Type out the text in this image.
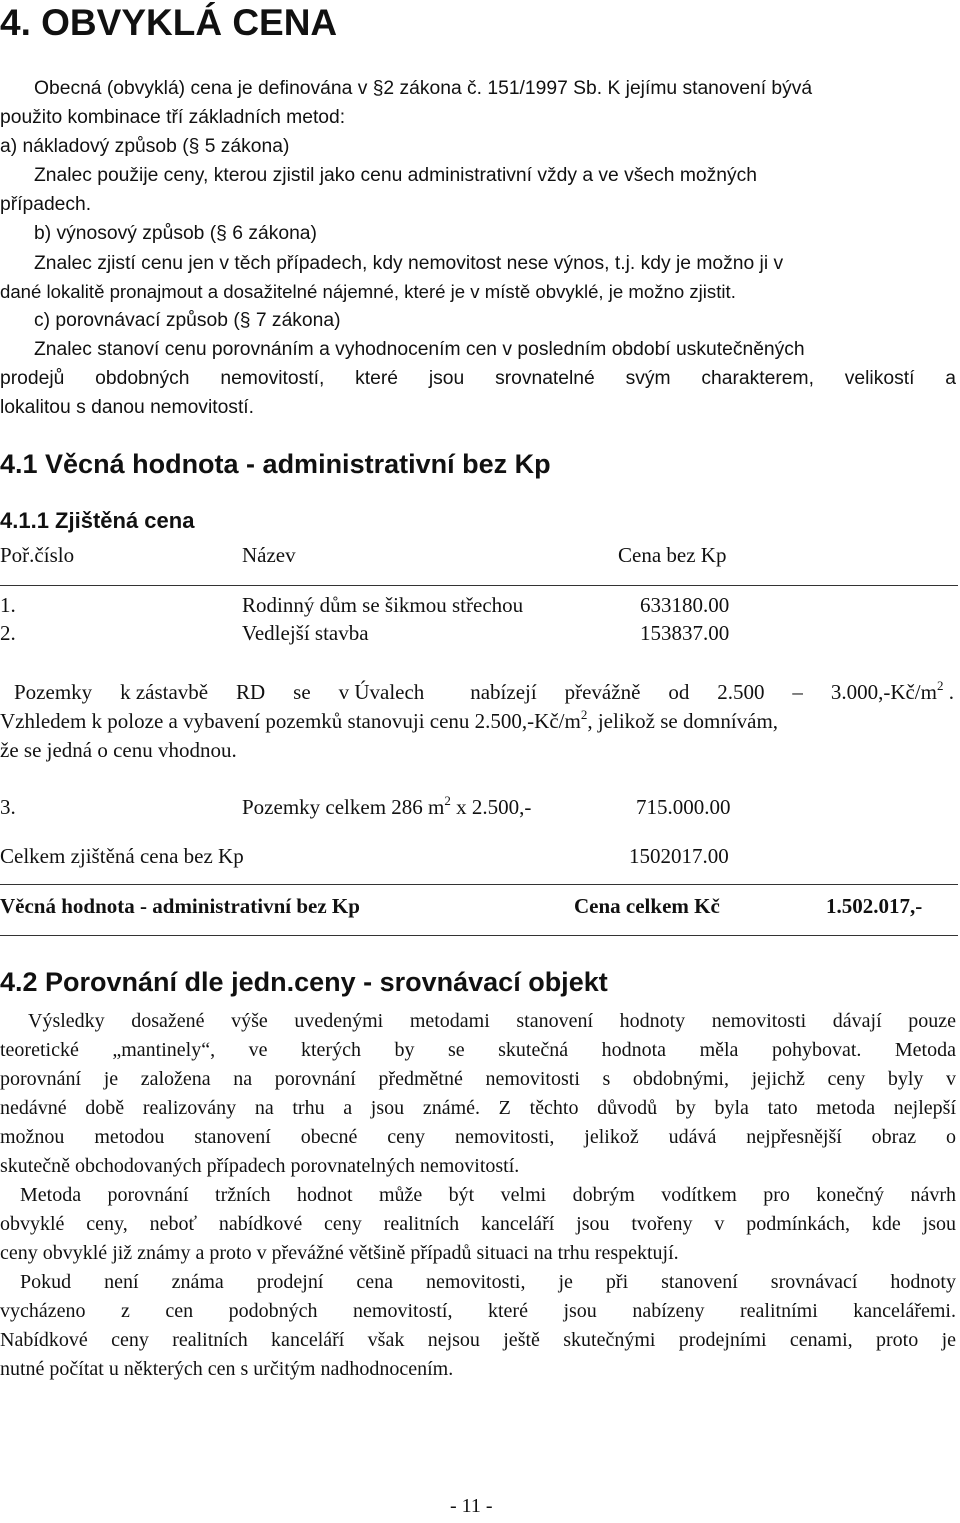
4. OBVYKLÁ CENA
Obecná (obvyklá) cena je definována v §2 zákona č. 151/1997 Sb. K jejímu stanovení bývá
použito kombinace tří základních metod:
a) nákladový způsob (§ 5 zákona)
Znalec použije ceny, kterou zjistil jako cenu administrativní vždy a ve všech možných
případech.
b) výnosový způsob (§ 6 zákona)
Znalec zjistí cenu jen v těch případech, kdy nemovitost nese výnos, t.j. kdy je možno ji v
dané lokalitě pronajmout a dosažitelné nájemné, které je v místě obvyklé, je možno zjistit.
c) porovnávací způsob (§ 7 zákona)
Znalec stanoví cenu porovnáním a vyhodnocením cen v posledním období uskutečněných
prodejů obdobných nemovitostí, které jsou srovnatelné svým charakterem, velikostí a
lokalitou s danou nemovitostí.
4.1 Věcná hodnota - administrativní bez Kp
4.1.1 Zjištěná cena
Poř.číslo	Název	Cena bez Kp
1.	Rodinný dům se šikmou střechou	633180.00
2.	Vedlejší stavba	153837.00
Pozemky k zástavbě RD se v Úvalech nabízejí převážně od $2.500 - 3.000,-Kč/m^2$ .
Vzhledem k poloze a vybavení pozemků stanovuji cenu $2.500,-Kč/m^2$, jelikož se domnívám,
že se jedná o cenu vhodnou.
3.	Pozemky celkem 286 $m^2$ x 2.500,-	715.000.00
Celkem zjištěná cena bez Kp	1502017.00
Věcná hodnota - administrativní bez Kp	Cena celkem Kč	1.502.017,-
4.2 Porovnání dle jedn.ceny - srovnávací objekt
Výsledky dosažené výše uvedenými metodami stanovení hodnoty nemovitosti dávají pouze
teoretické „mantinely“, ve kterých by se skutečná hodnota měla pohybovat. Metoda
porovnání je založena na porovnání předmětné nemovitosti s obdobnými, jejichž ceny byly v
nedávné době realizovány na trhu a jsou známé. Z těchto důvodů by byla tato metoda nejlepší
možnou metodou stanovení obecné ceny nemovitosti, jelikož udává nejpřesnější obraz o
skutečně obchodovaných případech porovnatelných nemovitostí.
Metoda porovnání tržních hodnot může být velmi dobrým vodítkem pro konečný návrh
obvyklé ceny, neboť nabídkové ceny realitních kanceláří jsou tvořeny v podmínkách, kde jsou
ceny obvyklé již známy a proto v převážné většině případů situaci na trhu respektují.
Pokud není známa prodejní cena nemovitosti, je při stanovení srovnávací hodnoty
vycházeno z cen podobných nemovitostí, které jsou nabízeny realitními kancelářemi.
Nabídkové ceny realitních kanceláří však nejsou ještě skutečnými prodejními cenami, proto je
nutné počítat u některých cen s určitým nadhodnocením.
- 11 -
